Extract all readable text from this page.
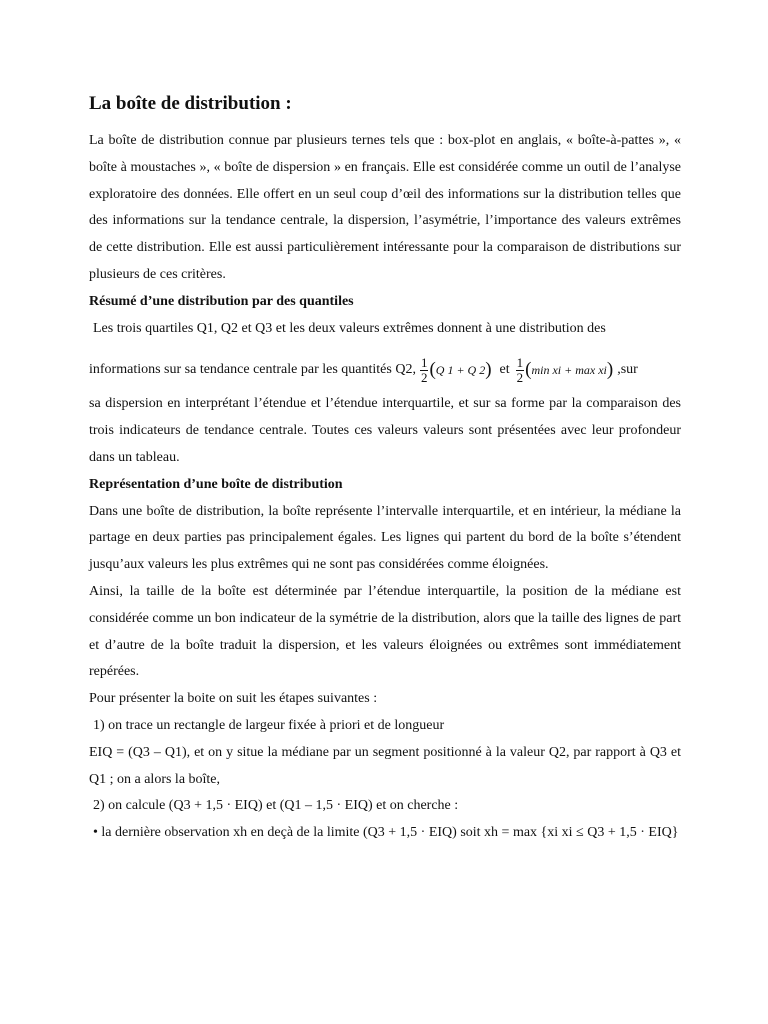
La boîte de distribution :

La boîte de distribution connue par plusieurs ternes tels que : box-plot en anglais, « boîte-à-pattes », « boîte à moustaches », « boîte de dispersion » en français. Elle est considérée comme un outil de l’analyse exploratoire des données. Elle offert en un seul coup d’œil des informations sur la distribution telles que des informations sur la tendance centrale, la dispersion, l’asymétrie, l’importance des valeurs extrêmes de cette distribution. Elle est aussi particulièrement intéressante pour la comparaison de distributions sur plusieurs de ces critères.

Résumé d’une distribution par des quantiles

Les trois quartiles Q1, Q2 et Q3 et les deux valeurs extrêmes donnent à une distribution des

informations sur sa tendance centrale par les quantités Q2, $\frac{1}{2}$ ( Q 1 + Q 2 ) et $\frac{1}{2}$ ( min xi + max xi ) ,sur

sa dispersion en interprétant l’étendue et l’étendue interquartile, et sur sa forme par la comparaison des trois indicateurs de tendance centrale. Toutes ces valeurs valeurs sont présentées avec leur profondeur dans un tableau.

Représentation d’une boîte de distribution

Dans une boîte de distribution, la boîte représente l’intervalle interquartile, et en intérieur, la médiane la partage en deux parties pas principalement égales. Les lignes qui partent du bord de la boîte s’étendent jusqu’aux valeurs les plus extrêmes qui ne sont pas considérées comme éloignées.

Ainsi, la taille de la boîte est déterminée par l’étendue interquartile, la position de la médiane est considérée comme un bon indicateur de la symétrie de la distribution, alors que la taille des lignes de part et d’autre de la boîte traduit la dispersion, et les valeurs éloignées ou extrêmes sont immédiatement repérées.

Pour présenter la boite on suit les étapes suivantes :

1) on trace un rectangle de largeur fixée à priori et de longueur

EIQ = (Q3 – Q1), et on y situe la médiane par un segment positionné à la valeur Q2, par rapport à Q3 et Q1 ; on a alors la boîte,

2) on calcule (Q3 + 1,5 · EIQ) et (Q1 – 1,5 · EIQ) et on cherche :

• la dernière observation xh en deçà de la limite (Q3 + 1,5 · EIQ) soit xh = max {xi xi ≤ Q3 + 1,5 · EIQ}
